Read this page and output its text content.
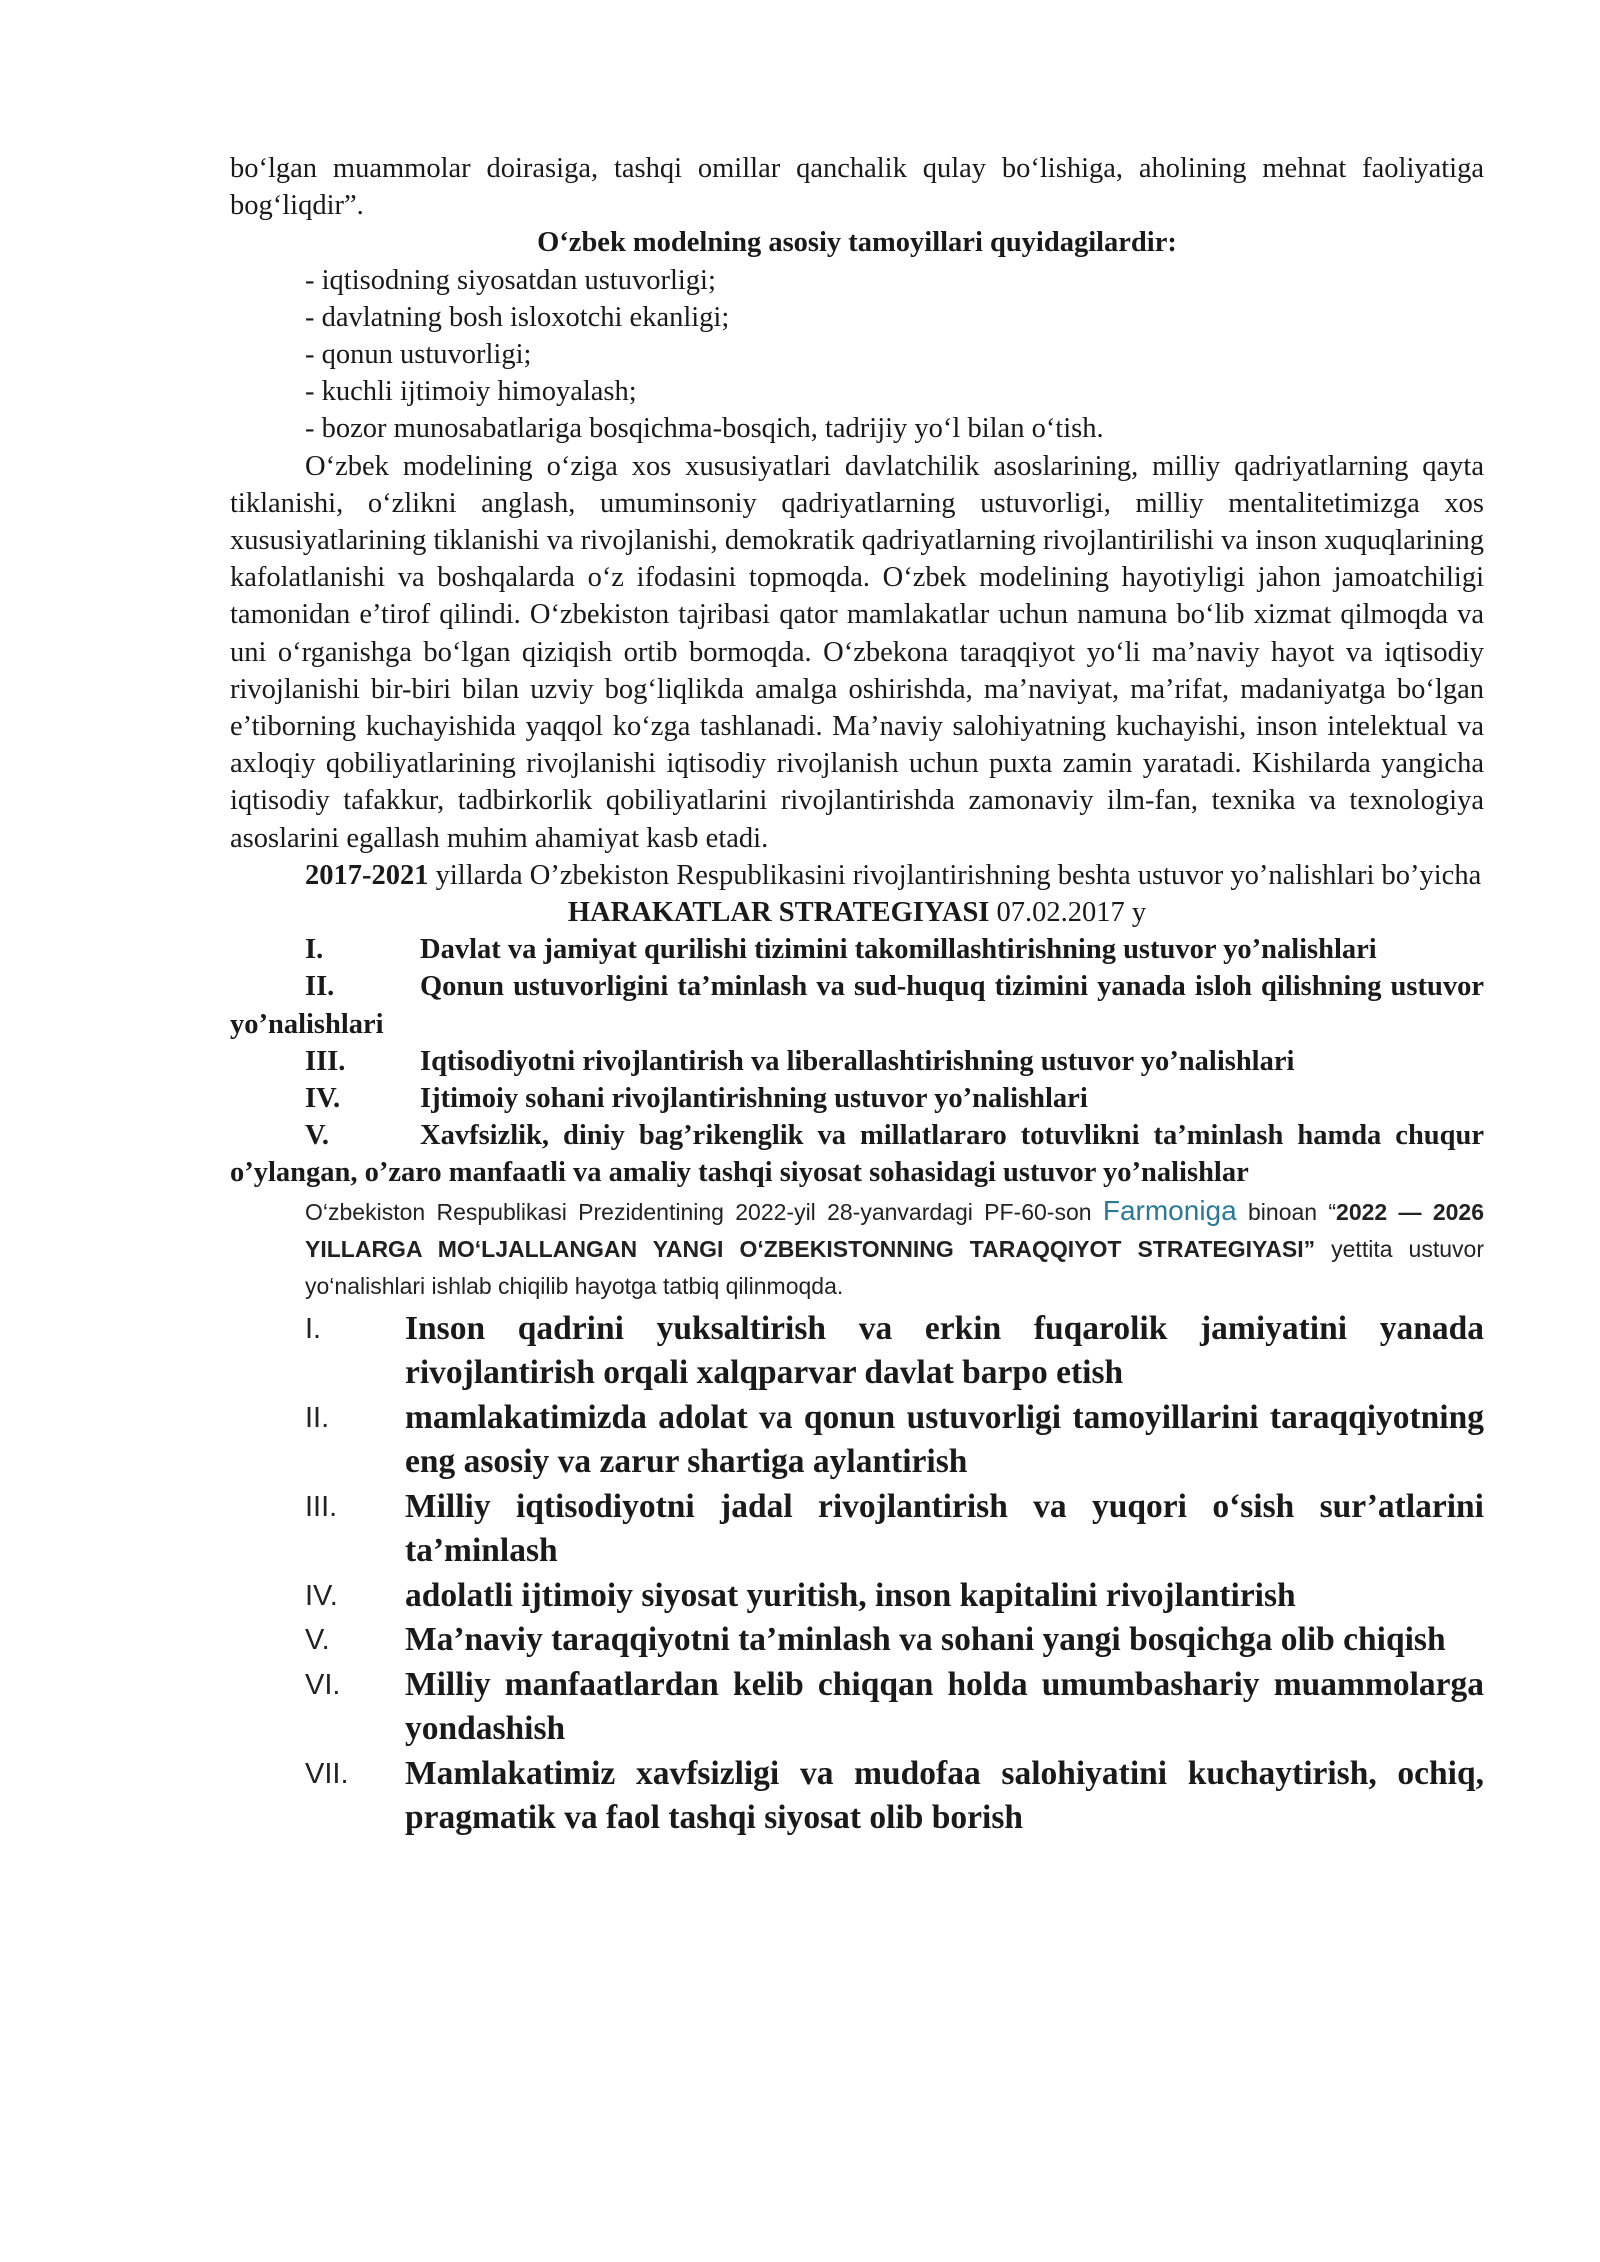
bo‘lgan muammolar doirasiga, tashqi omillar qanchalik qulay bo‘lishiga, aholining mehnat faoliyatiga bog‘liqdir”.

O‘zbek modelning asosiy tamoyillari quyidagilardir:

- iqtisodning siyosatdan ustuvorligi;
- davlatning bosh isloxotchi ekanligi;
- qonun ustuvorligi;
- kuchli ijtimoiy himoyalash;
- bozor munosabatlariga bosqichma-bosqich, tadrijiy yo‘l bilan o‘tish.

O‘zbek modelining o‘ziga xos xususiyatlari davlatchilik asoslarining, milliy qadriyatlarning qayta tiklanishi, o‘zlikni anglash, umuminsoniy qadriyatlarning ustuvorligi, milliy mentalitetimizga xos xususiyatlarining tiklanishi va rivojlanishi, demokratik qadriyatlarning rivojlantirilishi va inson xuquqlarining kafolatlanishi va boshqalarda o‘z ifodasini topmoqda. O‘zbek modelining hayotiyligi jahon jamoatchiligi tamonidan e’tirof qilindi. O‘zbekiston tajribasi qator mamlakatlar uchun namuna bo‘lib xizmat qilmoqda va uni o‘rganishga bo‘lgan qiziqish ortib bormoqda. O‘zbekona taraqqiyot yo‘li ma’naviy hayot va iqtisodiy rivojlanishi bir-biri bilan uzviy bog‘liqlikda amalga oshirishda, ma’naviyat, ma’rifat, madaniyatga bo‘lgan e’tiborning kuchayishida yaqqol ko‘zga tashlanadi. Ma’naviy salohiyatning kuchayishi, inson intelektual va axloqiy qobiliyatlarining rivojlanishi iqtisodiy rivojlanish uchun puxta zamin yaratadi. Kishilarda yangicha iqtisodiy tafakkur, tadbirkorlik qobiliyatlarini rivojlantirishda zamonaviy ilm-fan, texnika va texnologiya asoslarini egallash muhim ahamiyat kasb etadi.

2017-2021 yillarda O’zbekiston Respublikasini rivojlantirishning beshta ustuvor yo’nalishlari bo’yicha

HARAKATLAR STRATEGIYASI 07.02.2017 y

I.	Davlat va jamiyat qurilishi tizimini takomillashtirishning ustuvor yo’nalishlari

II.	Qonun ustuvorligini ta’minlash va sud-huquq tizimini yanada isloh qilishning ustuvor yo’nalishlari

III.	Iqtisodiyotni rivojlantirish va liberallashtirishning ustuvor yo’nalishlari

IV.	Ijtimoiy sohani rivojlantirishning ustuvor yo’nalishlari

V.	Xavfsizlik, diniy bag’rikenglik va millatlararo totuvlikni ta’minlash hamda chuqur o’ylangan, o’zaro manfaatli va amaliy tashqi siyosat sohasidagi ustuvor yo’nalishlar

O‘zbekiston Respublikasi Prezidentining 2022-yil 28-yanvardagi PF-60-son Farmoniga binoan “2022 — 2026 YILLARGA MO‘LJALLANGAN YANGI O‘ZBEKISTONNING TARAQQIYOT STRATEGIYASI” yettita ustuvor yo‘nalishlari ishlab chiqilib hayotga tatbiq qilinmoqda.

I.	Inson qadrini yuksaltirish va erkin fuqarolik jamiyatini yanada rivojlantirish orqali xalqparvar davlat barpo etish
II.	mamlakatimizda adolat va qonun ustuvorligi tamoyillarini taraqqiyotning eng asosiy va zarur shartiga aylantirish
III.	Milliy iqtisodiyotni jadal rivojlantirish va yuqori o‘sish sur’atlarini ta’minlash
IV.	adolatli ijtimoiy siyosat yuritish, inson kapitalini rivojlantirish
V.	Ma’naviy taraqqiyotni ta’minlash va sohani yangi bosqichga olib chiqish
VI.	Milliy manfaatlardan kelib chiqqan holda umumbashariy muammolarga yondashish
VII.	Mamlakatimiz xavfsizligi va mudofaa salohiyatini kuchaytirish, ochiq, pragmatik va faol tashqi siyosat olib borish
